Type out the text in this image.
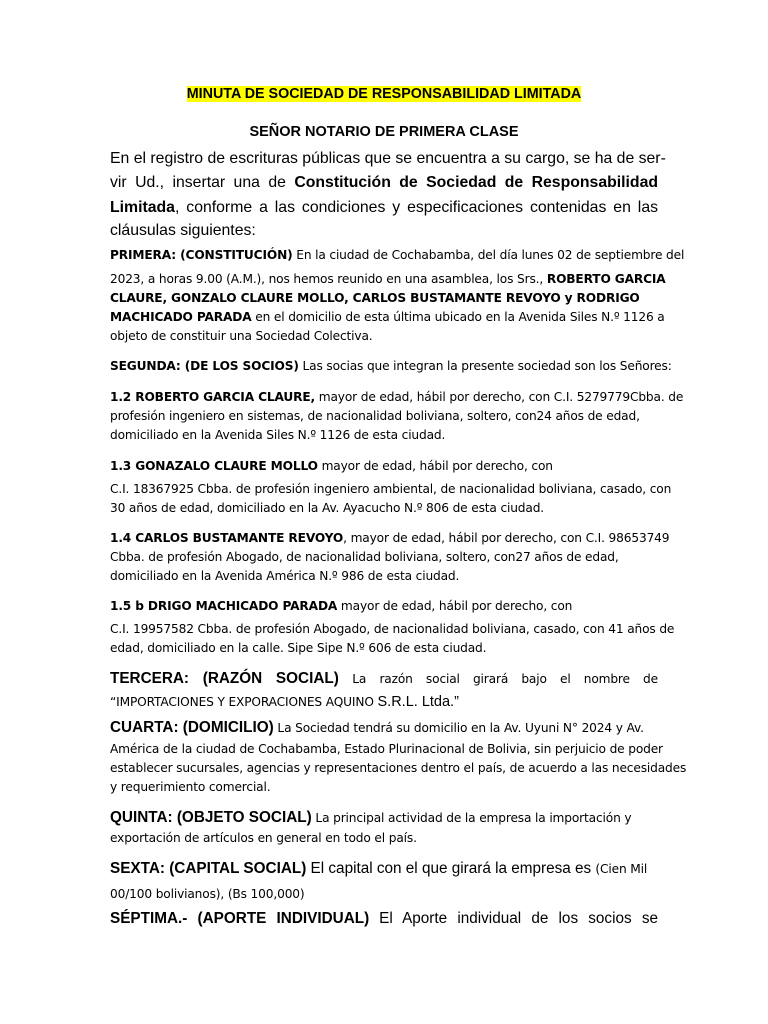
MINUTA DE SOCIEDAD DE RESPONSABILIDAD LIMITADA
SEÑOR NOTARIO DE PRIMERA CLASE
En el registro de escrituras públicas que se encuentra a su cargo, se ha de ser-
vir Ud., insertar una de Constitución de Sociedad de Responsabilidad
Limitada, conforme a las condiciones y especificaciones contenidas en las
cláusulas siguientes:
PRIMERA: (CONSTITUCIÓN) En la ciudad de Cochabamba, del día lunes 02 de septiembre del
2023, a horas 9.00 (A.M.), nos hemos reunido en una asamblea, los Srs., ROBERTO GARCIA
CLAURE, GONZALO CLAURE MOLLO, CARLOS BUSTAMANTE REVOYO y RODRIGO
MACHICADO PARADA en el domicilio de esta última ubicado en la Avenida Siles N.º 1126 a
objeto de constituir una Sociedad Colectiva.
SEGUNDA: (DE LOS SOCIOS) Las socias que integran la presente sociedad son los Señores:
1.2 ROBERTO GARCIA CLAURE, mayor de edad, hábil por derecho, con C.I. 5279779Cbba. de
profesión ingeniero en sistemas, de nacionalidad boliviana, soltero, con24 años de edad,
domiciliado en la Avenida Siles N.º 1126 de esta ciudad.
1.3 GONAZALO CLAURE MOLLO mayor de edad, hábil por derecho, con
C.I. 18367925 Cbba. de profesión ingeniero ambiental, de nacionalidad boliviana, casado, con
30 años de edad, domiciliado en la Av. Ayacucho N.º 806 de esta ciudad.
1.4 CARLOS BUSTAMANTE REVOYO, mayor de edad, hábil por derecho, con C.I. 98653749
Cbba. de profesión Abogado, de nacionalidad boliviana, soltero, con27 años de edad,
domiciliado en la Avenida América N.º 986 de esta ciudad.
1.5 b DRIGO MACHICADO PARADA mayor de edad, hábil por derecho, con
C.I. 19957582 Cbba. de profesión Abogado, de nacionalidad boliviana, casado, con 41 años de
edad, domiciliado en la calle. Sipe Sipe N.º 606 de esta ciudad.
TERCERA: (RAZÓN SOCIAL) La razón social girará bajo el nombre de
“IMPORTACIONES Y EXPORACIONES AQUINO S.R.L. Ltda.”
CUARTA: (DOMICILIO) La Sociedad tendrá su domicilio en la Av. Uyuni N° 2024 y Av.
América de la ciudad de Cochabamba, Estado Plurinacional de Bolivia, sin perjuicio de poder
establecer sucursales, agencias y representaciones dentro el país, de acuerdo a las necesidades
y requerimiento comercial.
QUINTA: (OBJETO SOCIAL) La principal actividad de la empresa la importación y
exportación de artículos en general en todo el país.
SEXTA: (CAPITAL SOCIAL) El capital con el que girará la empresa es (Cien Mil
00/100 bolivianos), (Bs 100,000)
SÉPTIMA.- (APORTE INDIVIDUAL) El Aporte individual de los socios se
